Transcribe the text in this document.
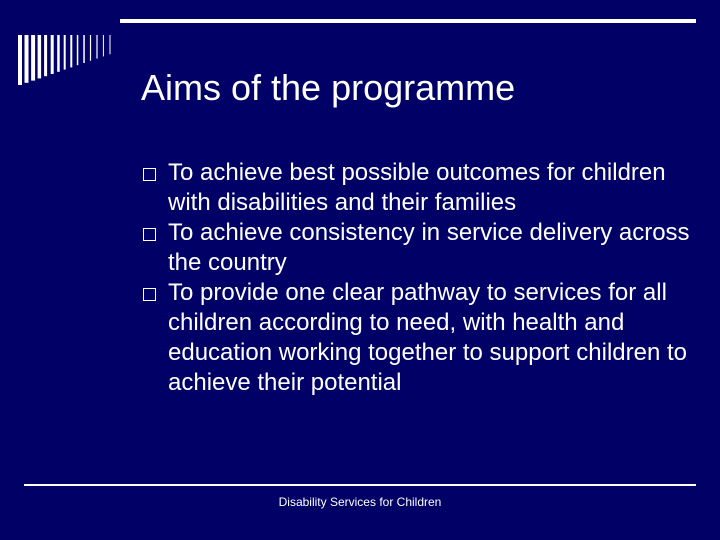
Aims of the programme
To achieve best possible outcomes for children with disabilities and their families
To achieve consistency in service delivery across the country
To provide one clear pathway to services for all children according to need, with health and education working together to support children to achieve their potential
Disability Services for Children
